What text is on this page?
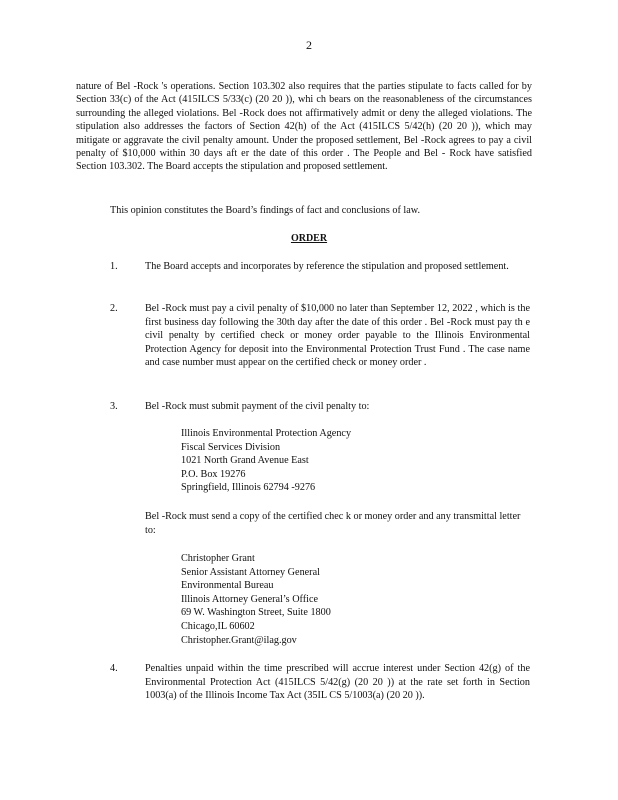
2
nature of Bel -Rock 's operations. Section 103.302 also requires that the parties stipulate to facts called for by Section 33(c) of the Act (415ILCS 5/33(c) (20 20 )), whi ch bears on the reasonableness of the circumstances surrounding the alleged violations. Bel -Rock does not affirmatively admit or deny the alleged violations. The stipulation also addresses the factors of Section 42(h) of the Act (415ILCS 5/42(h) (20 20 )), which may mitigate or aggravate the civil penalty amount. Under the proposed settlement, Bel -Rock agrees to pay a civil penalty of $10,000 within 30 days aft er the date of this order . The People and Bel - Rock have satisfied Section 103.302. The Board accepts the stipulation and proposed settlement.
This opinion constitutes the Board’s findings of fact and conclusions of law.
ORDER
1.	The Board accepts and incorporates by reference the stipulation and proposed settlement.
2.	Bel -Rock must pay a civil penalty of $10,000 no later than September 12, 2022 , which is the first business day following the 30th day after the date of this order . Bel -Rock must pay th e civil penalty by certified check or money order payable to the Illinois Environmental Protection Agency for deposit into the Environmental Protection Trust Fund . The case name and case number must appear on the certified check or money order .
3.	Bel -Rock must submit payment of the civil penalty to:
Illinois Environmental Protection Agency
Fiscal Services Division
1021 North Grand Avenue East
P.O. Box 19276
Springfield, Illinois 62794 -9276
Bel -Rock must send a copy of the certified chec k or money order and any transmittal letter to:
Christopher Grant
Senior Assistant Attorney General
Environmental Bureau
Illinois Attorney General’s Office
69 W. Washington Street, Suite 1800
Chicago,IL 60602
Christopher.Grant@ilag.gov
4.	Penalties unpaid within the time prescribed will accrue interest under Section 42(g) of the Environmental Protection Act (415ILCS 5/42(g) (20 20 )) at the rate set forth in Section 1003(a) of the Illinois Income Tax Act (35IL CS 5/1003(a) (20 20 )).
